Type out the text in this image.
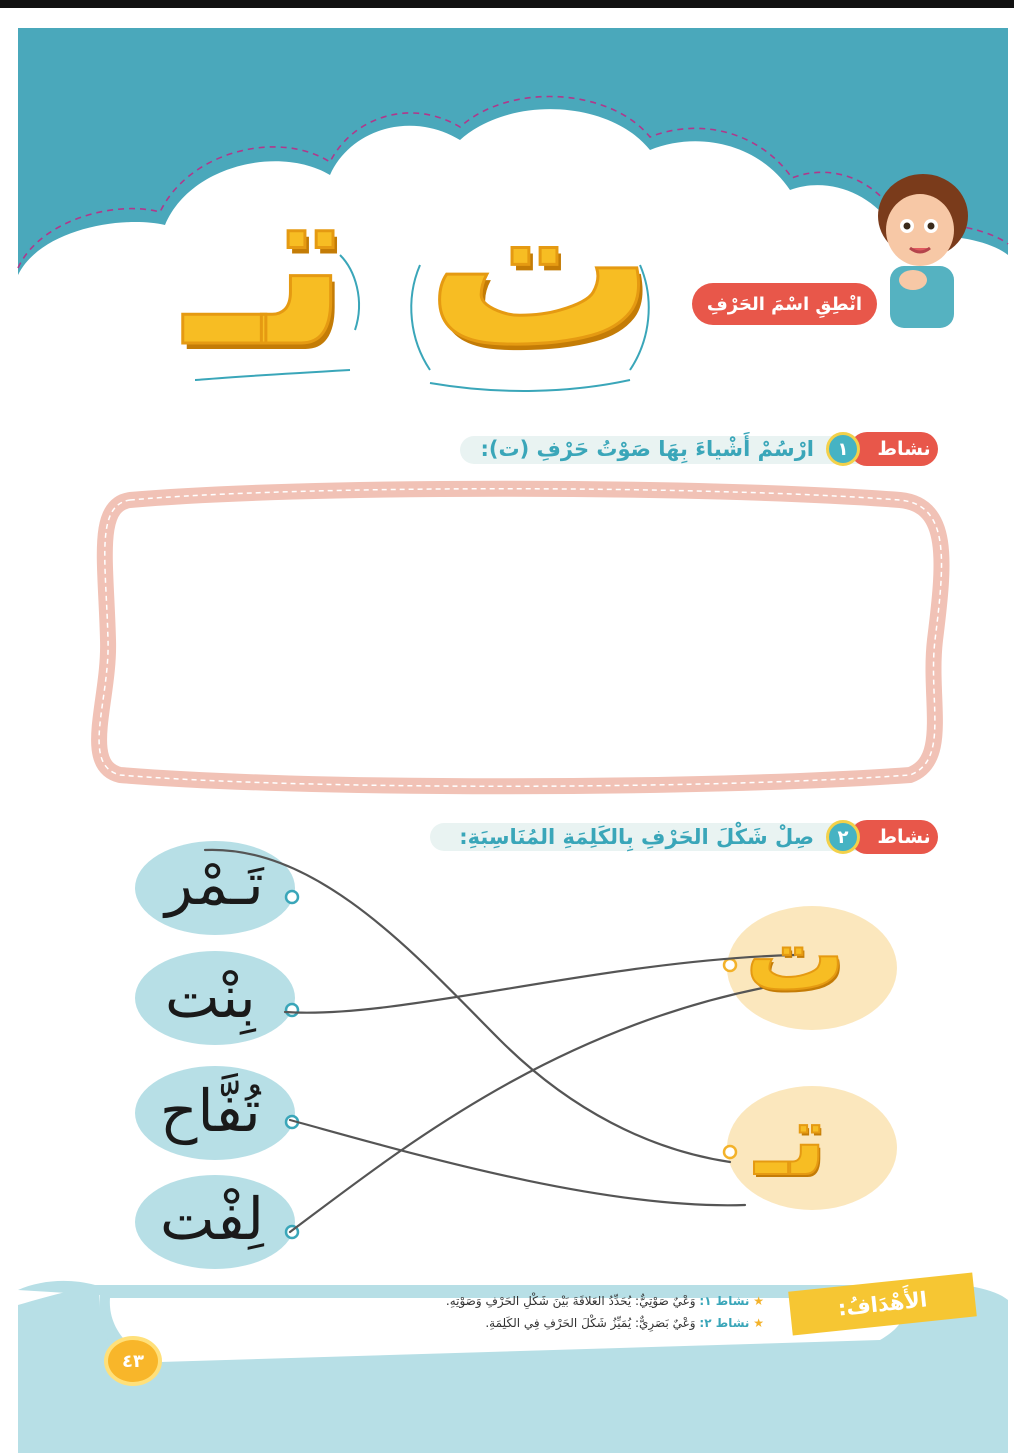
ت
تـ	انْطِقِ اسْمَ الحَرْفِ
نشاط
١
ارْسُمْ أَشْياءَ بِهَا صَوْتُ حَرْفِ (ت):
نشاط
٢
صِلْ شَكْلَ الحَرْفِ بِالكَلِمَةِ المُنَاسِبَةِ:
تَـمْر
بِنْت
تُفَّاح
لِفْت
ت
تـ
الأَهْدَافُ:
★ نشاط ١: وَعْيٌ صَوْتِيٌّ: يُحَدِّدُ العَلاقَةَ بَيْنَ شَكْلِ الحَرْفِ وَصَوْتِهِ.
★ نشاط ٢: وَعْيٌ بَصَرِيٌّ: يُمَيِّزُ شَكْلَ الحَرْفِ فِي الكَلِمَةِ.
٤٣
